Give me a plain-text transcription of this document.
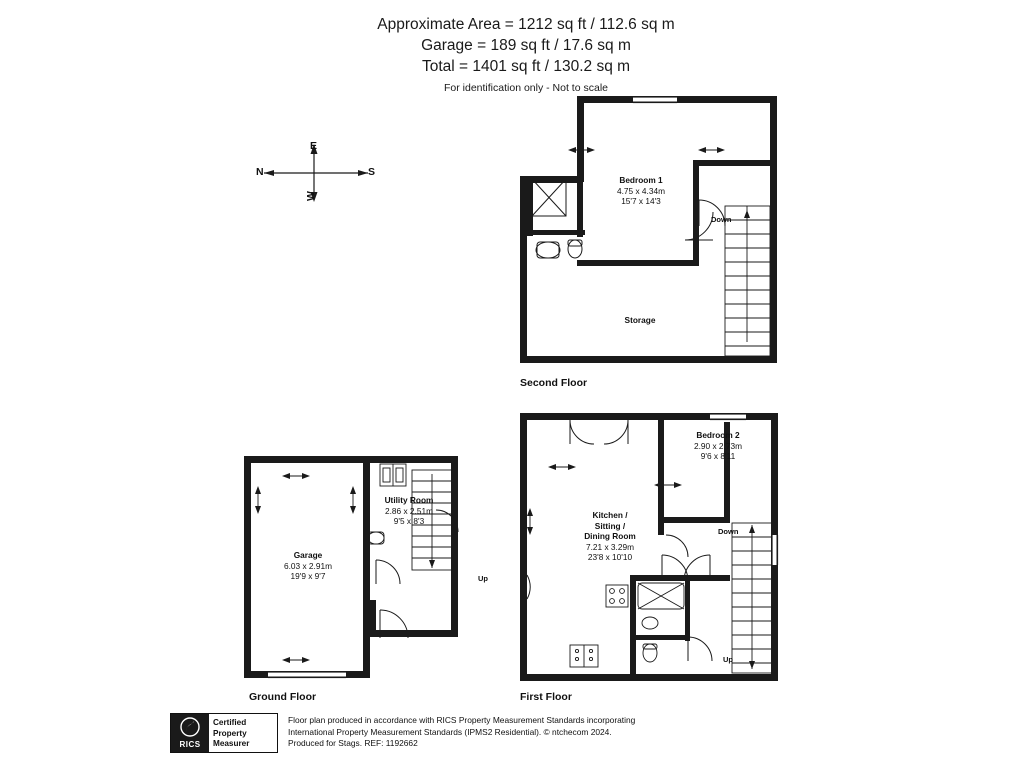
Approximate Area = 1212 sq ft / 112.6 sq m
Garage = 189 sq ft / 17.6 sq m
Total = 1401 sq ft / 130.2 sq m
For identification only - Not to scale
N
E
S
W
Bedroom 1
4.75 x 4.34m
15'7 x 14'3
Storage
Down
Second Floor
Kitchen /
Sitting /
Dining Room
7.21 x 3.29m
23'8 x 10'10
Bedroom 2
2.90 x 2.73m
9'6 x 8'11
Down
Up
First Floor
Garage
6.03 x 2.91m
19'9 x 9'7
Utility Room
2.86 x 2.51m
9'5 x 8'3
Up
Ground Floor
RICS
Certified
Property
Measurer
Floor plan produced in accordance with RICS Property Measurement Standards incorporating
International Property Measurement Standards (IPMS2 Residential). © ntchecom 2024.
Produced for Stags. REF: 1192662
